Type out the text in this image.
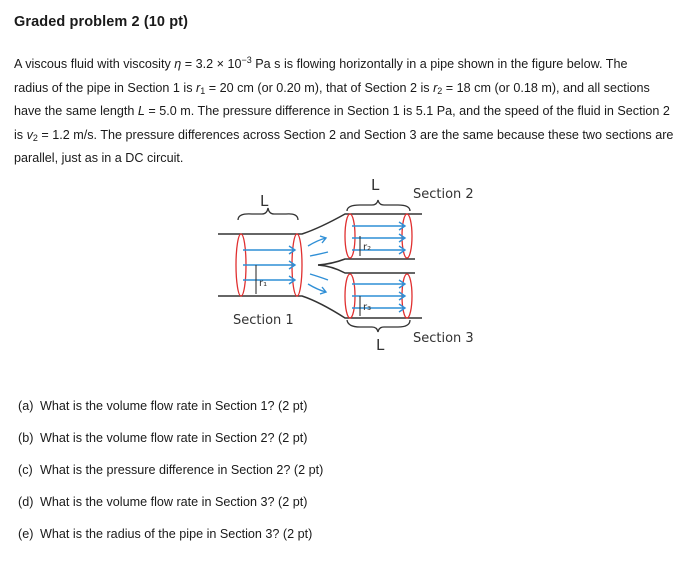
Graded problem 2 (10 pt)

A viscous fluid with viscosity $\eta = 3.2 \times 10^{-3}$ Pa s is flowing horizontally in a pipe shown in the figure below. The
radius of the pipe in Section 1 is $r_1 = 20$ cm (or 0.20 m), that of Section 2 is $r_2 = 18$ cm (or 0.18 m), and all sections
have the same length L = 5.0 m. The pressure difference in Section 1 is 5.1 Pa, and the speed of the fluid in Section 2
is $v_2 = 1.2$ m/s. The pressure differences across Section 2 and Section 3 are the same because these two sections are
parallel, just as in a DC circuit.

L
L
Section 2
Section 1
L Section 3
r₁
r₂
r₃
(a) What is the volume flow rate in Section 1? (2 pt)
(b) What is the volume flow rate in Section 2? (2 pt)
(c) What is the pressure difference in Section 2? (2 pt)
(d) What is the volume flow rate in Section 3? (2 pt)
(e) What is the radius of the pipe in Section 3? (2 pt)
